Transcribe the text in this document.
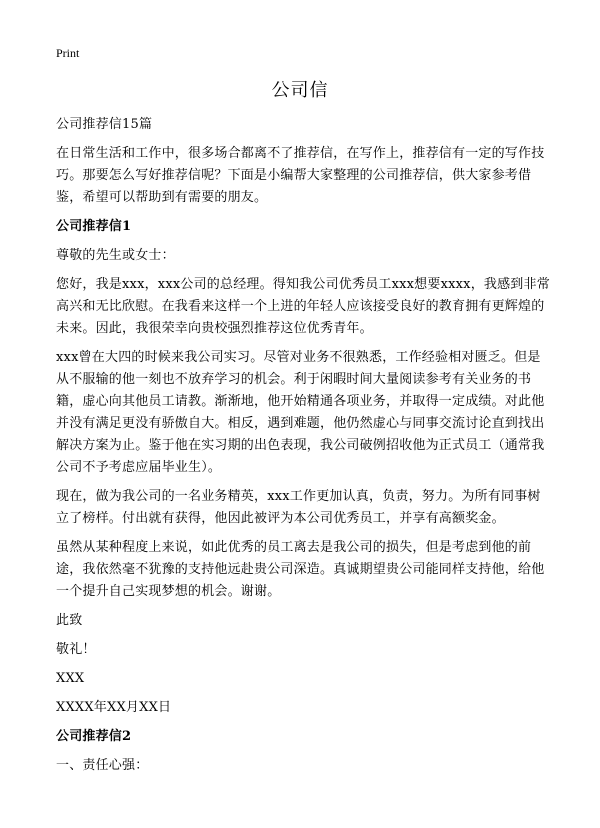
Print
公司信

公司推荐信15篇

在日常生活和工作中，很多场合都离不了推荐信，在写作上，推荐信有一定的写作技巧。那要怎么写好推荐信呢？下面是小编帮大家整理的公司推荐信，供大家参考借鉴，希望可以帮助到有需要的朋友。

公司推荐信1

尊敬的先生或女士：

您好，我是xxx，xxx公司的总经理。得知我公司优秀员工xxx想要xxxx，我感到非常高兴和无比欣慰。在我看来这样一个上进的年轻人应该接受良好的教育拥有更辉煌的未来。因此，我很荣幸向贵校强烈推荐这位优秀青年。

xxx曾在大四的时候来我公司实习。尽管对业务不很熟悉，工作经验相对匮乏。但是从不服输的他一刻也不放弃学习的机会。利于闲暇时间大量阅读参考有关业务的书籍，虚心向其他员工请教。渐渐地，他开始精通各项业务，并取得一定成绩。对此他并没有满足更没有骄傲自大。相反，遇到难题，他仍然虚心与同事交流讨论直到找出解决方案为止。鉴于他在实习期的出色表现，我公司破例招收他为正式员工（通常我公司不予考虑应届毕业生）。

现在，做为我公司的一名业务精英，xxx工作更加认真，负责，努力。为所有同事树立了榜样。付出就有获得，他因此被评为本公司优秀员工，并享有高额奖金。

虽然从某种程度上来说，如此优秀的员工离去是我公司的损失，但是考虑到他的前途，我依然毫不犹豫的支持他远赴贵公司深造。真诚期望贵公司能同样支持他，给他一个提升自己实现梦想的机会。谢谢。

此致

敬礼！

XXX

XXXX年XX月XX日

公司推荐信2

一、责任心强：
